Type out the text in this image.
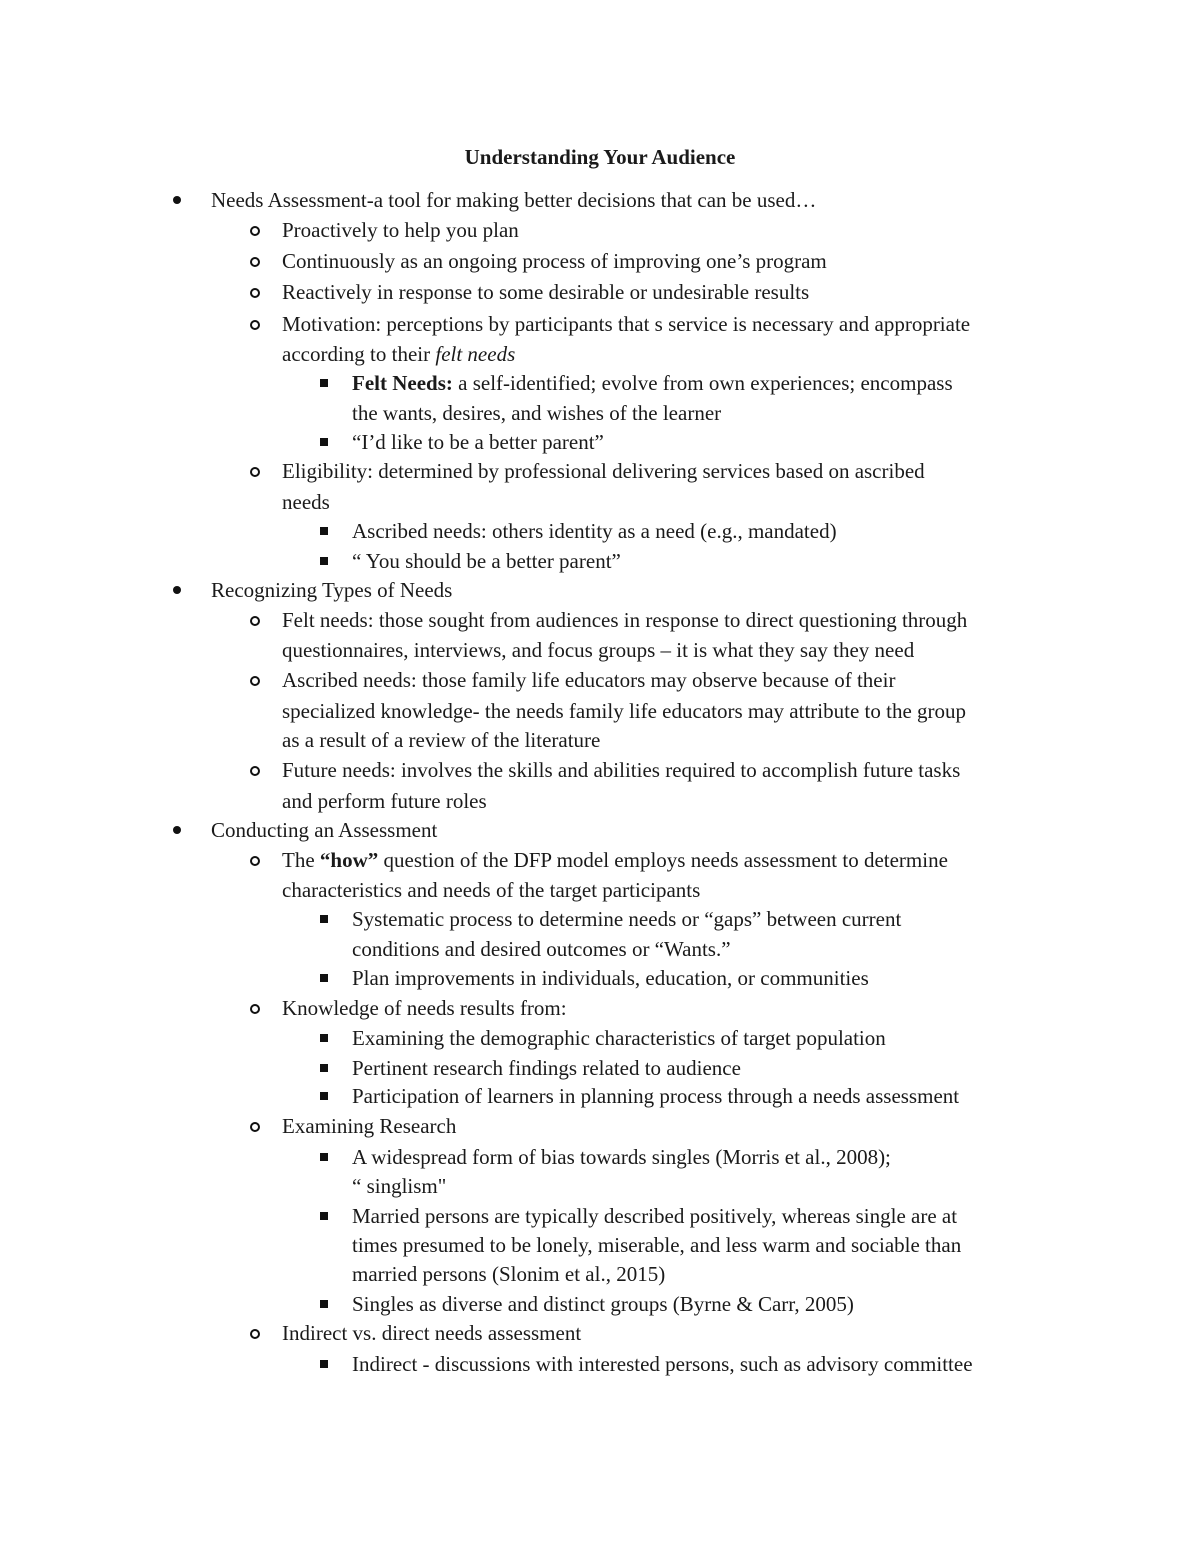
Understanding Your Audience
Needs Assessment-a tool for making better decisions that can be used…
Proactively to help you plan
Continuously as an ongoing process of improving one’s program
Reactively in response to some desirable or undesirable results
Motivation: perceptions by participants that s service is necessary and appropriate
according to their felt needs
Felt Needs: a self-identified; evolve from own experiences; encompass
the wants, desires, and wishes of the learner
“I’d like to be a better parent”
Eligibility: determined by professional delivering services based on ascribed
needs
Ascribed needs: others identity as a need (e.g., mandated)
“ You should be a better parent”
Recognizing Types of Needs
Felt needs: those sought from audiences in response to direct questioning through
questionnaires, interviews, and focus groups – it is what they say they need
Ascribed needs: those family life educators may observe because of their
specialized knowledge- the needs family life educators may attribute to the group
as a result of a review of the literature
Future needs: involves the skills and abilities required to accomplish future tasks
and perform future roles
Conducting an Assessment
The “how” question of the DFP model employs needs assessment to determine
characteristics and needs of the target participants
Systematic process to determine needs or “gaps” between current
conditions and desired outcomes or “Wants.”
Plan improvements in individuals, education, or communities
Knowledge of needs results from:
Examining the demographic characteristics of target population
Pertinent research findings related to audience
Participation of learners in planning process through a needs assessment
Examining Research
A widespread form of bias towards singles (Morris et al., 2008);
“ singlism"
Married persons are typically described positively, whereas single are at
times presumed to be lonely, miserable, and less warm and sociable than
married persons (Slonim et al., 2015)
Singles as diverse and distinct groups (Byrne & Carr, 2005)
Indirect vs. direct needs assessment
Indirect - discussions with interested persons, such as advisory committee
